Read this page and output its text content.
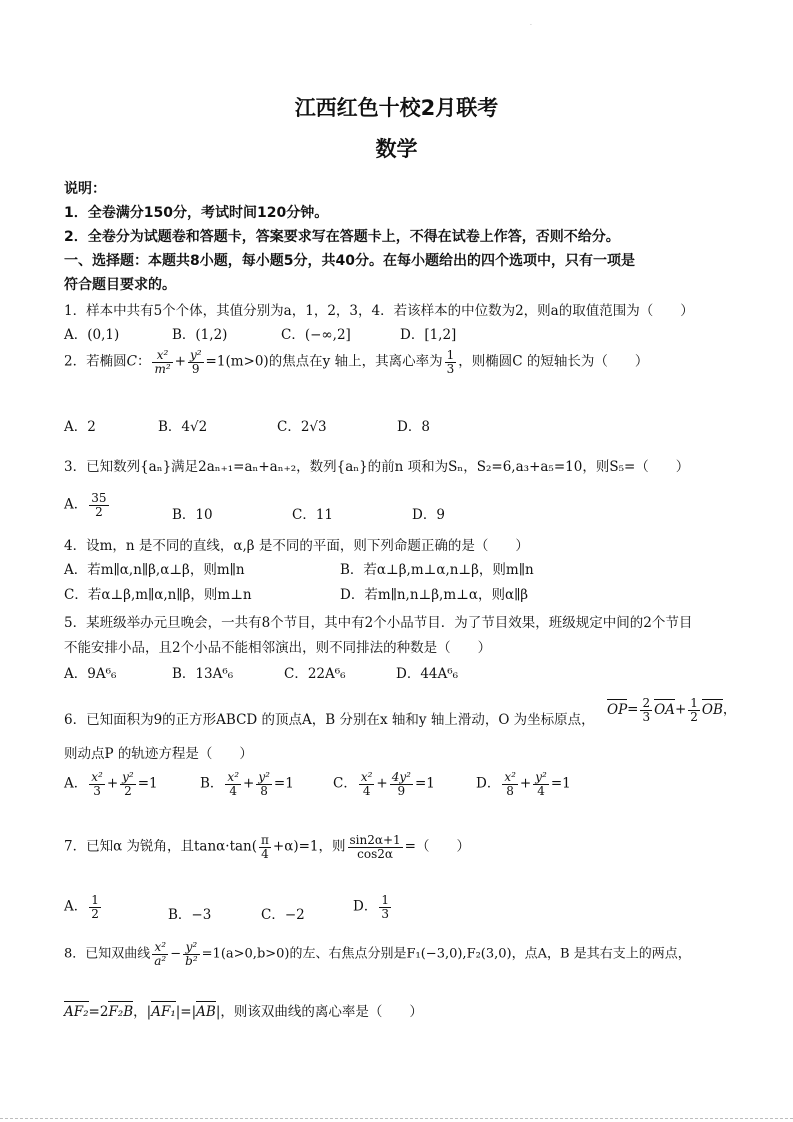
·
江西红色十校2月联考
数学
说明：
1．全卷满分150分，考试时间120分钟。
2．全卷分为试题卷和答题卡，答案要求写在答题卡上，不得在试卷上作答，否则不给分。
一、选择题：本题共8小题，每小题5分，共40分。在每小题给出的四个选项中，只有一项是
符合题目要求的。
1．样本中共有5个个体，其值分别为a，1，2，3，4．若该样本的中位数为2，则a的取值范围为（　　）
A．(0,1)	B．(1,2)	C．(−∞,2]	D．[1,2]
2．若椭圆C： $\frac{\text{x²}}{\text{m²}} + \frac{\text{y²}}{9} =1(m>0)$的焦点在y 轴上，其离心率为 $\frac{1}{3}$ ，则椭圆C 的短轴长为（　　）
A．2	B．4√2	C．2√3	D．8
3．已知数列{aₙ}满足2aₙ₊₁=aₙ+aₙ₊₂，数列{aₙ}的前n 项和为Sₙ，S₂=6,a₃+a₅=10，则S₅=（　　）
A． $\frac{35}{2}$	B．10	C．11	D．9
4．设m，n 是不同的直线，α,β 是不同的平面，则下列命题正确的是（　　）
A．若m∥α,n∥β,α⊥β，则m∥n	B．若α⊥β,m⊥α,n⊥β，则m∥n
C．若α⊥β,m∥α,n∥β，则m⊥n	D．若m∥n,n⊥β,m⊥α，则α∥β
5．某班级举办元旦晚会，一共有8个节目，其中有2个小品节目．为了节目效果，班级规定中间的2个节目
不能安排小品，且2个小品不能相邻演出，则不同排法的种数是（　　）
A．9A⁶₆	B．13A⁶₆	C．22A⁶₆	D．44A⁶₆
6．已知面积为9的正方形ABCD 的顶点A，B 分别在x 轴和y 轴上滑动，O 为坐标原点，
$OP= \frac{2}{3} OA+ \frac{1}{2}$ OB，
则动点P 的轨迹方程是（　　）
A． $\frac{\text{x²}}{3} + \frac{\text{y²}}{2} =1$	B． $\frac{\text{x²}}{4} + \frac{\text{y²}}{8} =1$	C． $\frac{\text{x²}}{4} + \frac{\text{4y²}}{9} =1$	D． $\frac{\text{x²}}{8} + \frac{\text{y²}}{4} =1$
7．已知α 为锐角，且$\tan\alpha\cdot\tan( \frac{\pi}{4} +\alpha)=1$，则 $\frac{\sin 2\alpha+1}{\cos 2\alpha}$ =（　　）
A． $\frac{1}{2}$	B．−3	C．−2
D． $\frac{1}{3}$
8．已知双曲线 $\frac{\text{x²}}{\text{a²}} - \frac{\text{y²}}{\text{b²}} =1(a>0,b>0)$的左、右焦点分别是F₁(−3,0),F₂(3,0)，点A，B 是其右支上的两点，
AF₂=2F₂B，|AF₁|=|AB|，则该双曲线的离心率是（　　）
